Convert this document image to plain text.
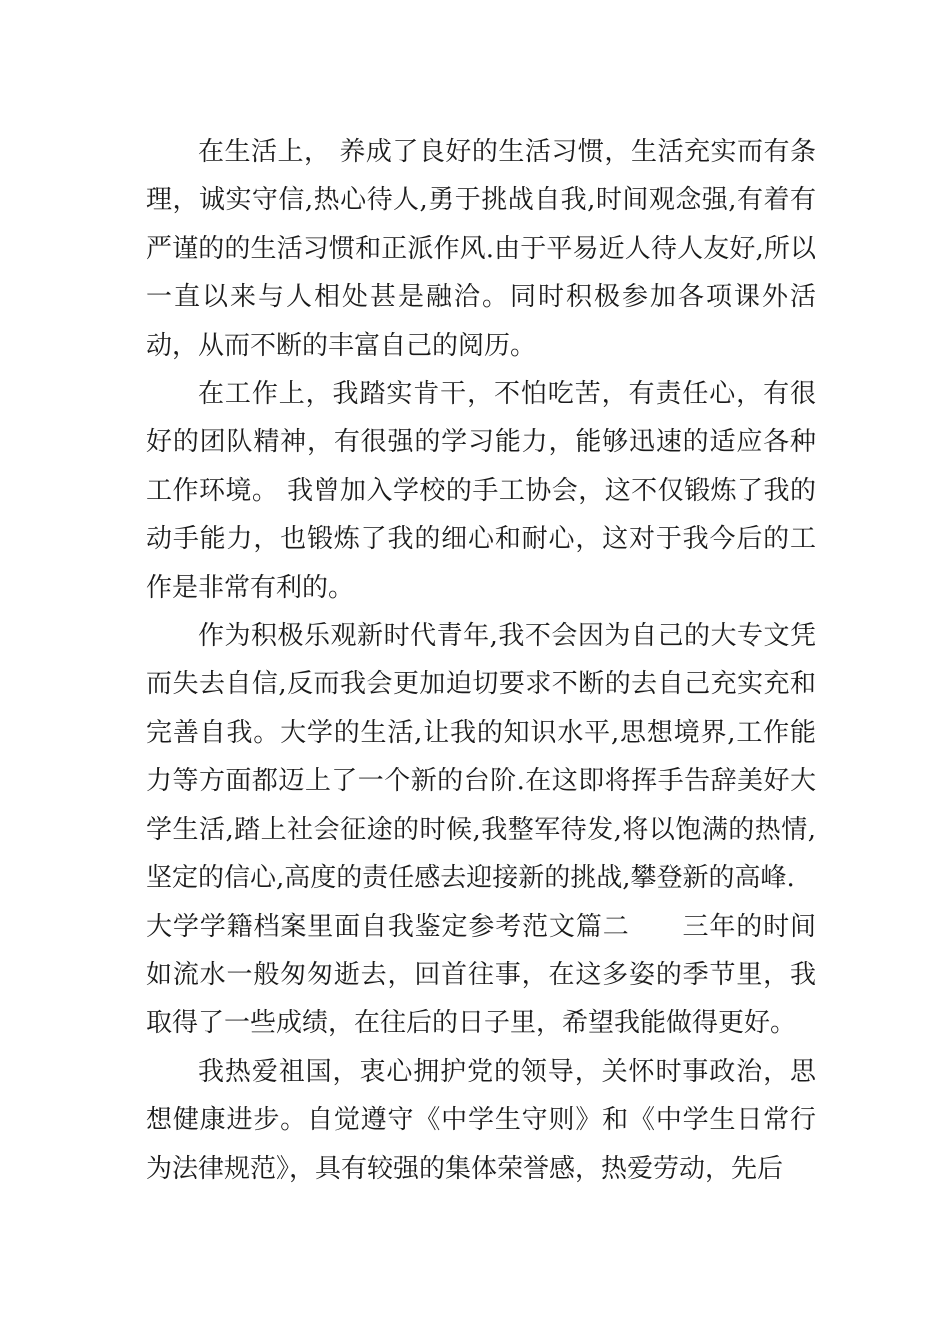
在生活上， 养成了良好的生活习惯，生活充实而有条理，诚实守信,热心待人,勇于挑战自我,时间观念强,有着有严谨的的生活习惯和正派作风.由于平易近人待人友好,所以一直以来与人相处甚是融洽。同时积极参加各项课外活动，从而不断的丰富自己的阅历。

在工作上，我踏实肯干，不怕吃苦，有责任心，有很好的团队精神，有很强的学习能力，能够迅速的适应各种工作环境。 我曾加入学校的手工协会，这不仅锻炼了我的动手能力，也锻炼了我的细心和耐心，这对于我今后的工作是非常有利的。

作为积极乐观新时代青年,我不会因为自己的大专文凭而失去自信,反而我会更加迫切要求不断的去自己充实充和完善自我。大学的生活,让我的知识水平,思想境界,工作能力等方面都迈上了一个新的台阶.在这即将挥手告辞美好大学生活,踏上社会征途的时候,我整军待发,将以饱满的热情,坚定的信心,高度的责任感去迎接新的挑战,攀登新的高峰.

大学学籍档案里面自我鉴定参考范文篇二 三年的时间如流水一般匆匆逝去，回首往事，在这多姿的季节里，我取得了一些成绩，在往后的日子里，希望我能做得更好。

我热爱祖国，衷心拥护党的领导，关怀时事政治，思想健康进步。自觉遵守《中学生守则》和《中学生日常行为法律规范》，具有较强的集体荣誉感，热爱劳动，先后
